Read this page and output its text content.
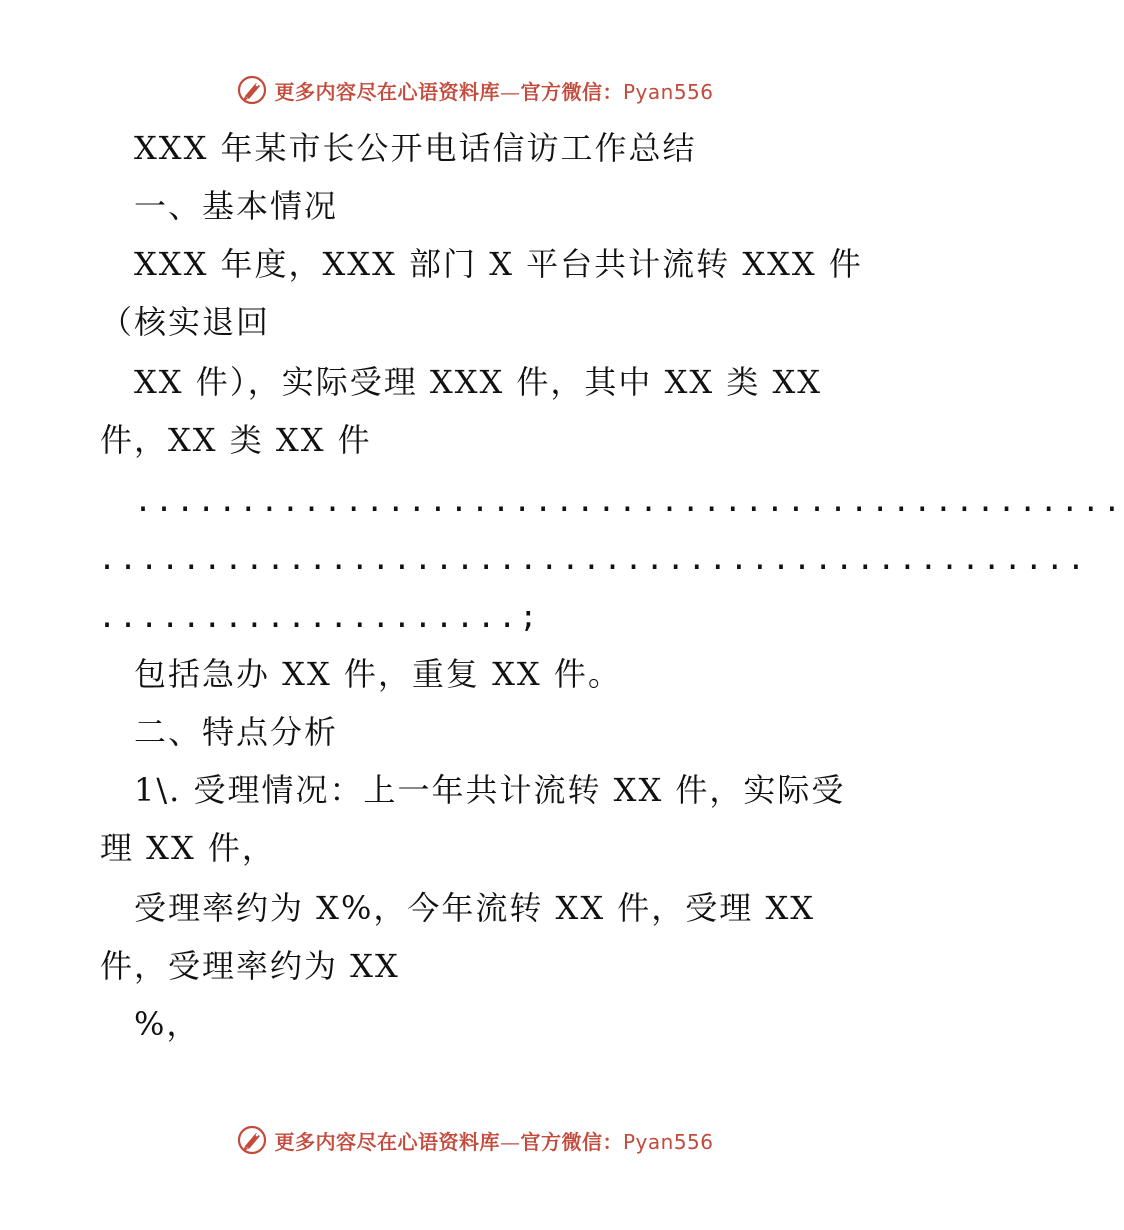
更多内容尽在心语资料库—官方微信：Pyan556
XXX 年某市长公开电话信访工作总结
一、基本情况
XXX 年度，XXX 部门 X 平台共计流转 XXX 件
（核实退回
XX 件），实际受理 XXX 件，其中 XX 类 XX
件，XX 类 XX 件
...............................................
...............................................
....................;
包括急办 XX 件，重复 XX 件。
二、特点分析
1\. 受理情况：上一年共计流转 XX 件，实际受
理 XX 件，
受理率约为 X%，今年流转 XX 件，受理 XX
件，受理率约为 XX
%，
更多内容尽在心语资料库—官方微信：Pyan556
